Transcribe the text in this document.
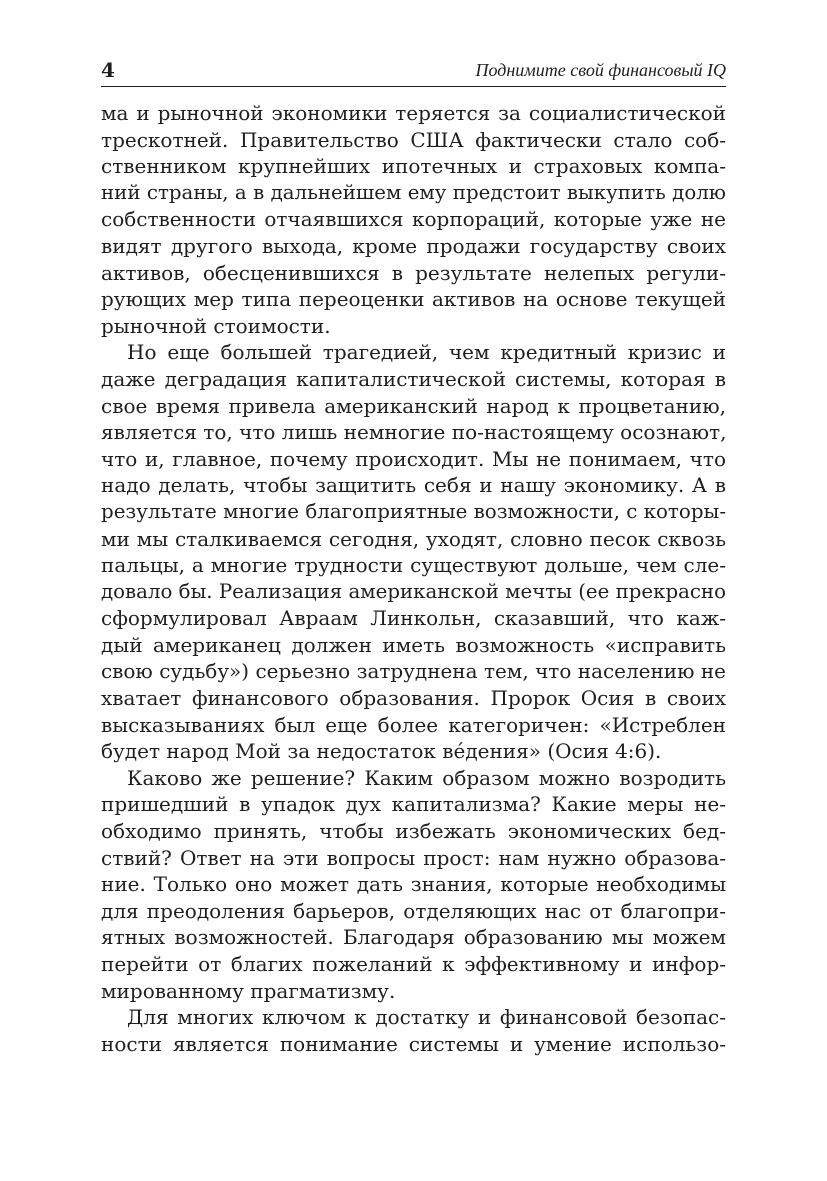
4	Поднимите свой финансовый IQ
ма и рыночной экономики теряется за социалистической
трескотней. Правительство США фактически стало соб-
ственником крупнейших ипотечных и страховых компа-
ний страны, а в дальнейшем ему предстоит выкупить долю
собственности отчаявшихся корпораций, которые уже не
видят другого выхода, кроме продажи государству своих
активов, обесценившихся в результате нелепых регули-
рующих мер типа переоценки активов на основе текущей
рыночной стоимости.
Но еще большей трагедией, чем кредитный кризис и
даже деградация капиталистической системы, которая в
свое время привела американский народ к процветанию,
является то, что лишь немногие по-настоящему осознают,
что и, главное, почему происходит. Мы не понимаем, что
надо делать, чтобы защитить себя и нашу экономику. А в
результате многие благоприятные возможности, с которы-
ми мы сталкиваемся сегодня, уходят, словно песок сквозь
пальцы, а многие трудности существуют дольше, чем сле-
довало бы. Реализация американской мечты (ее прекрасно
сформулировал Авраам Линкольн, сказавший, что каж-
дый американец должен иметь возможность «исправить
свою судьбу») серьезно затруднена тем, что населению не
хватает финансового образования. Пророк Осия в своих
высказываниях был еще более категоричен: «Истреблен
будет народ Мой за недостаток вéдения» (Осия 4:6).
Каково же решение? Каким образом можно возродить
пришедший в упадок дух капитализма? Какие меры не-
обходимо принять, чтобы избежать экономических бед-
ствий? Ответ на эти вопросы прост: нам нужно образова-
ние. Только оно может дать знания, которые необходимы
для преодоления барьеров, отделяющих нас от благопри-
ятных возможностей. Благодаря образованию мы можем
перейти от благих пожеланий к эффективному и инфор-
мированному прагматизму.
Для многих ключом к достатку и финансовой безопас-
ности является понимание системы и умение использо-
